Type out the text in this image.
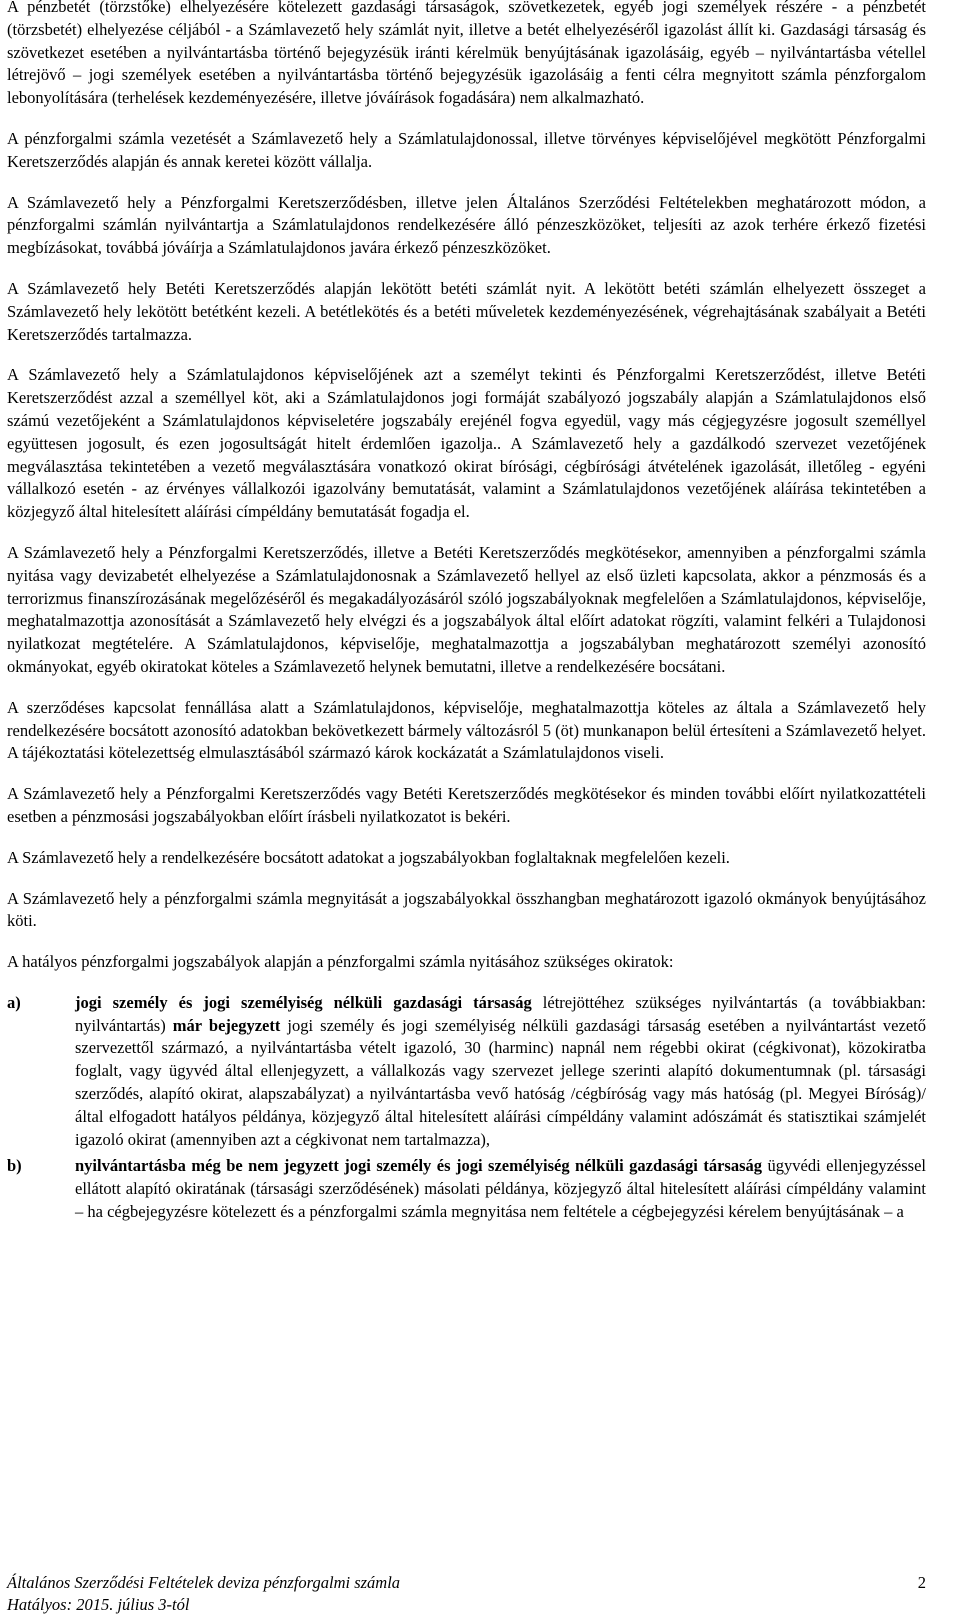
A pénzbetét (törzstőke) elhelyezésére kötelezett gazdasági társaságok, szövetkezetek, egyéb jogi személyek részére - a pénzbetét (törzsbetét) elhelyezése céljából - a Számlavezető hely számlát nyit, illetve a betét elhelyezéséről igazolást állít ki. Gazdasági társaság és szövetkezet esetében a nyilvántartásba történő bejegyzésük iránti kérelmük benyújtásának igazolásáig, egyéb – nyilvántartásba vétellel létrejövő – jogi személyek esetében a nyilvántartásba történő bejegyzésük igazolásáig a fenti célra megnyitott számla pénzforgalom lebonyolítására (terhelések kezdeményezésére, illetve jóváírások fogadására) nem alkalmazható.

A pénzforgalmi számla vezetését a Számlavezető hely a Számlatulajdonossal, illetve törvényes képviselőjével megkötött Pénzforgalmi Keretszerződés alapján és annak keretei között vállalja.

A Számlavezető hely a Pénzforgalmi Keretszerződésben, illetve jelen Általános Szerződési Feltételekben meghatározott módon, a pénzforgalmi számlán nyilvántartja a Számlatulajdonos rendelkezésére álló pénzeszközöket, teljesíti az azok terhére érkező fizetési megbízásokat, továbbá jóváírja a Számlatulajdonos javára érkező pénzeszközöket.

A Számlavezető hely Betéti Keretszerződés alapján lekötött betéti számlát nyit. A lekötött betéti számlán elhelyezett összeget a Számlavezető hely lekötött betétként kezeli. A betétlekötés és a betéti műveletek kezdeményezésének, végrehajtásának szabályait a Betéti Keretszerződés tartalmazza.

A Számlavezető hely a Számlatulajdonos képviselőjének azt a személyt tekinti és Pénzforgalmi Keretszerződést, illetve Betéti Keretszerződést azzal a személlyel köt, aki a Számlatulajdonos jogi formáját szabályozó jogszabály alapján a Számlatulajdonos első számú vezetőjeként a Számlatulajdonos képviseletére jogszabály erejénél fogva egyedül, vagy más cégjegyzésre jogosult személlyel együttesen jogosult, és ezen jogosultságát hitelt érdemlően igazolja.. A Számlavezető hely a gazdálkodó szervezet vezetőjének megválasztása tekintetében a vezető megválasztására vonatkozó okirat bírósági, cégbírósági átvételének igazolását, illetőleg - egyéni vállalkozó esetén - az érvényes vállalkozói igazolvány bemutatását, valamint a Számlatulajdonos vezetőjének aláírása tekintetében a közjegyző által hitelesített aláírási címpéldány bemutatását fogadja el.

A Számlavezető hely a Pénzforgalmi Keretszerződés, illetve a Betéti Keretszerződés megkötésekor, amennyiben a pénzforgalmi számla nyitása vagy devizabetét elhelyezése a Számlatulajdonosnak a Számlavezető hellyel az első üzleti kapcsolata, akkor a pénzmosás és a terrorizmus finanszírozásának megelőzéséről és megakadályozásáról szóló jogszabályoknak megfelelően a Számlatulajdonos, képviselője, meghatalmazottja azonosítását a Számlavezető hely elvégzi és a jogszabályok által előírt adatokat rögzíti, valamint felkéri a Tulajdonosi nyilatkozat megtételére. A Számlatulajdonos, képviselője, meghatalmazottja a jogszabályban meghatározott személyi azonosító okmányokat, egyéb okiratokat köteles a Számlavezető helynek bemutatni, illetve a rendelkezésére bocsátani.

A szerződéses kapcsolat fennállása alatt a Számlatulajdonos, képviselője, meghatalmazottja köteles az általa a Számlavezető hely rendelkezésére bocsátott azonosító adatokban bekövetkezett bármely változásról 5 (öt) munkanapon belül értesíteni a Számlavezető helyet. A tájékoztatási kötelezettség elmulasztásából származó károk kockázatát a Számlatulajdonos viseli.

A Számlavezető hely a Pénzforgalmi Keretszerződés vagy Betéti Keretszerződés megkötésekor és minden további előírt nyilatkozattételi esetben a pénzmosási jogszabályokban előírt írásbeli nyilatkozatot is bekéri.

A Számlavezető hely a rendelkezésére bocsátott adatokat a jogszabályokban foglaltaknak megfelelően kezeli.

A Számlavezető hely a pénzforgalmi számla megnyitását a jogszabályokkal összhangban meghatározott igazoló okmányok benyújtásához köti.

A hatályos pénzforgalmi jogszabályok alapján a pénzforgalmi számla nyitásához szükséges okiratok:

a)	jogi személy és jogi személyiség nélküli gazdasági társaság létrejöttéhez szükséges nyilvántartás (a továbbiakban: nyilvántartás) már bejegyzett jogi személy és jogi személyiség nélküli gazdasági társaság esetében a nyilvántartást vezető szervezettől származó, a nyilvántartásba vételt igazoló, 30 (harminc) napnál nem régebbi okirat (cégkivonat), közokiratba foglalt, vagy ügyvéd által ellenjegyzett, a vállalkozás vagy szervezet jellege szerinti alapító dokumentumnak (pl. társasági szerződés, alapító okirat, alapszabályzat) a nyilvántartásba vevő hatóság /cégbíróság vagy más hatóság (pl. Megyei Bíróság)/ által elfogadott hatályos példánya, közjegyző által hitelesített aláírási címpéldány valamint adószámát és statisztikai számjelét igazoló okirat (amennyiben azt a cégkivonat nem tartalmazza),
b)	nyilvántartásba még be nem jegyzett jogi személy és jogi személyiség nélküli gazdasági társaság ügyvédi ellenjegyzéssel ellátott alapító okiratának (társasági szerződésének) másolati példánya, közjegyző által hitelesített aláírási címpéldány valamint – ha cégbejegyzésre kötelezett és a pénzforgalmi számla megnyitása nem feltétele a cégbejegyzési kérelem benyújtásának – a
Általános Szerződési Feltételek deviza pénzforgalmi számla	2
Hatályos: 2015. július 3-tól
